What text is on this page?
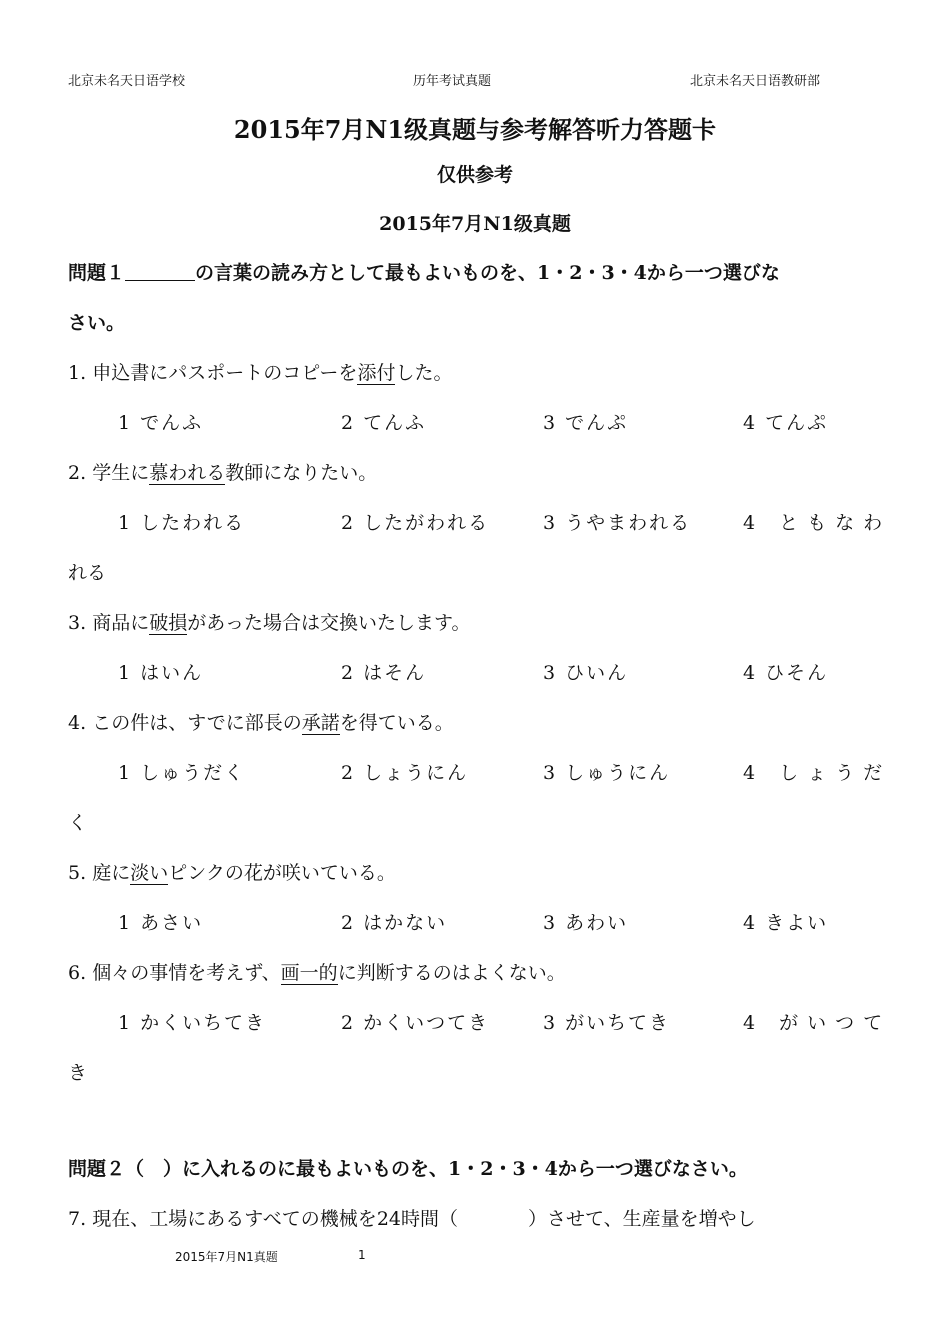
北京未名天日语学校	历年考试真题	北京未名天日语教研部
2015年7月N1级真题与参考解答听力答题卡
仅供参考
2015年7月N1级真题
問題１	の言葉の読み方として最もよいものを、1・2・3・4から一つ選びな
さい。
1. 申込書にパスポートのコピーを添付した。
1 でんふ	2 てんふ	3 でんぷ	4 てんぷ
2. 学生に慕われる教師になりたい。
1 したわれる	2 したがわれる	3 うやまわれる	4 ともなわ
れる
3. 商品に破損があった場合は交換いたします。
1 はいん	2 はそん	3 ひいん	4 ひそん
4. この件は、すでに部長の承諾を得ている。
1 しゅうだく	2 しょうにん	3 しゅうにん	4 しょうだ
く
5. 庭に淡いピンクの花が咲いている。
1 あさい	2 はかない	3 あわい	4 きよい
6. 個々の事情を考えず、画一的に判断するのはよくない。
1 かくいちてき	2 かくいつてき	3 がいちてき	4 がいつて
き
問題２（　）に入れるのに最もよいものを、1・2・3・4から一つ選びなさい。
7. 現在、工場にあるすべての機械を24時間（	）させて、生産量を増やし
2015年7月N1真题	1
